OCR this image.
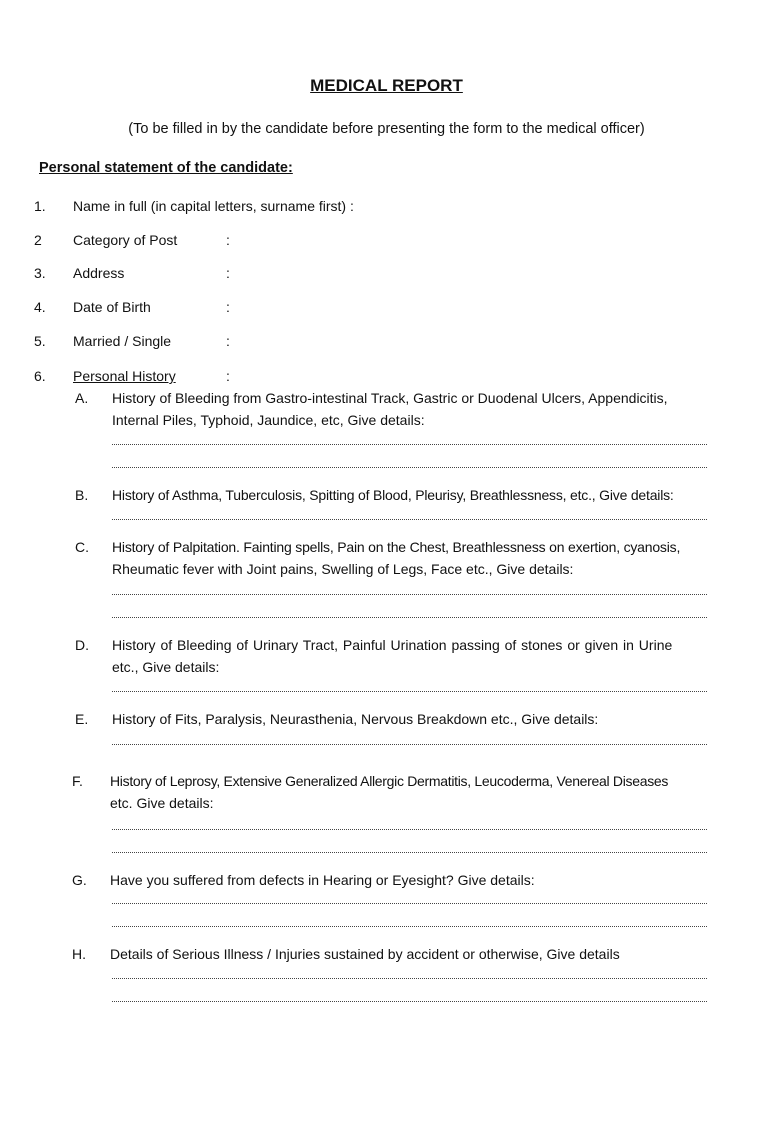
MEDICAL REPORT
(To be filled in by the candidate before presenting the form to the medical officer)
Personal statement of the candidate:
1. Name in full (in capital letters, surname first) :
2 Category of Post	:
3. Address	:
4. Date of Birth	:
5. Married / Single	:
6. Personal History	:
A. History of Bleeding from Gastro-intestinal Track, Gastric or Duodenal Ulcers, Appendicitis,
Internal Piles, Typhoid, Jaundice, etc, Give details:
B. History of Asthma, Tuberculosis, Spitting of Blood, Pleurisy, Breathlessness, etc., Give details:
C. History of Palpitation. Fainting spells, Pain on the Chest, Breathlessness on exertion, cyanosis,
Rheumatic fever with Joint pains, Swelling of Legs, Face etc., Give details:
D. History of Bleeding of Urinary Tract, Painful Urination passing of stones or given in Urine
etc., Give details:
E. History of Fits, Paralysis, Neurasthenia, Nervous Breakdown etc., Give details:
F. History of Leprosy, Extensive Generalized Allergic Dermatitis, Leucoderma, Venereal Diseases
etc. Give details:
G. Have you suffered from defects in Hearing or Eyesight? Give details:
H. Details of Serious Illness / Injuries sustained by accident or otherwise, Give details
